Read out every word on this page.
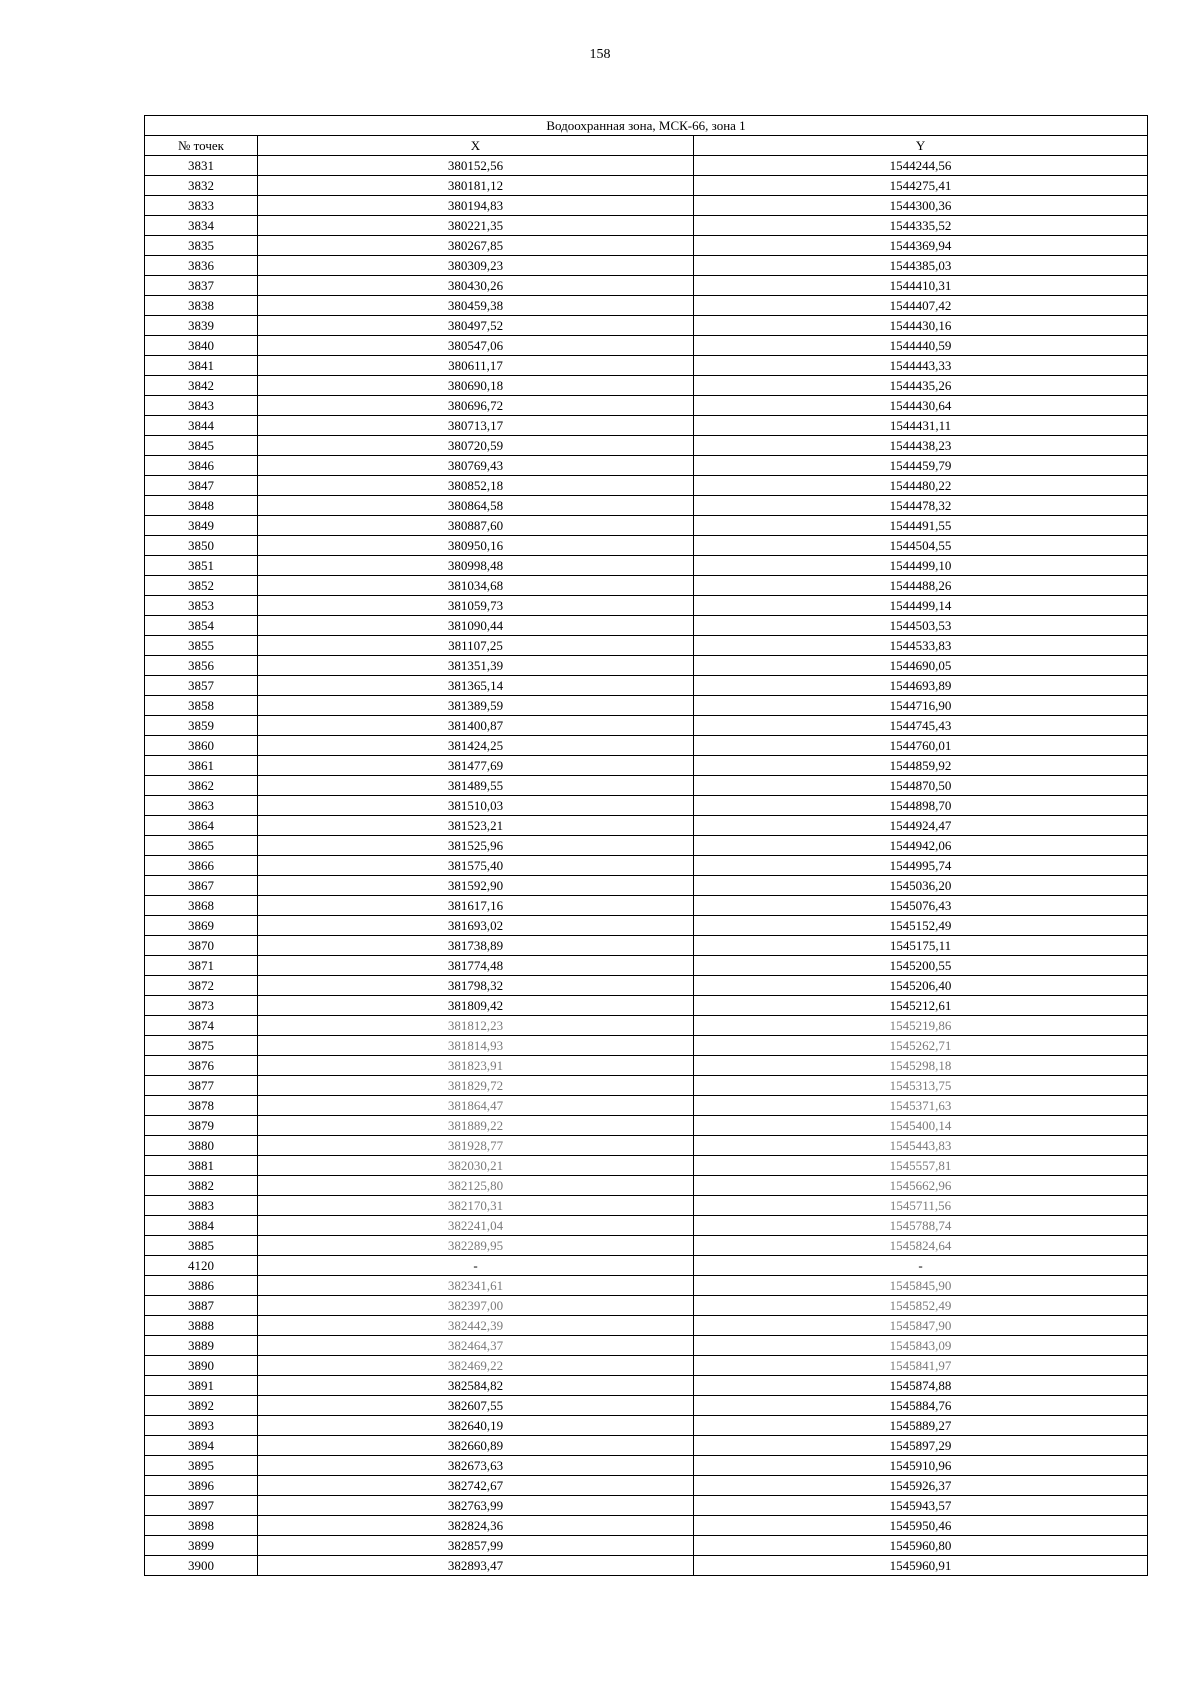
158
Водоохранная зона, МСК-66, зона 1		
№ точек	X	Y
3831	380152,56	1544244,56
3832	380181,12	1544275,41
3833	380194,83	1544300,36
3834	380221,35	1544335,52
3835	380267,85	1544369,94
3836	380309,23	1544385,03
3837	380430,26	1544410,31
3838	380459,38	1544407,42
3839	380497,52	1544430,16
3840	380547,06	1544440,59
3841	380611,17	1544443,33
3842	380690,18	1544435,26
3843	380696,72	1544430,64
3844	380713,17	1544431,11
3845	380720,59	1544438,23
3846	380769,43	1544459,79
3847	380852,18	1544480,22
3848	380864,58	1544478,32
3849	380887,60	1544491,55
3850	380950,16	1544504,55
3851	380998,48	1544499,10
3852	381034,68	1544488,26
3853	381059,73	1544499,14
3854	381090,44	1544503,53
3855	381107,25	1544533,83
3856	381351,39	1544690,05
3857	381365,14	1544693,89
3858	381389,59	1544716,90
3859	381400,87	1544745,43
3860	381424,25	1544760,01
3861	381477,69	1544859,92
3862	381489,55	1544870,50
3863	381510,03	1544898,70
3864	381523,21	1544924,47
3865	381525,96	1544942,06
3866	381575,40	1544995,74
3867	381592,90	1545036,20
3868	381617,16	1545076,43
3869	381693,02	1545152,49
3870	381738,89	1545175,11
3871	381774,48	1545200,55
3872	381798,32	1545206,40
3873	381809,42	1545212,61
3874	381812,23	1545219,86
3875	381814,93	1545262,71
3876	381823,91	1545298,18
3877	381829,72	1545313,75
3878	381864,47	1545371,63
3879	381889,22	1545400,14
3880	381928,77	1545443,83
3881	382030,21	1545557,81
3882	382125,80	1545662,96
3883	382170,31	1545711,56
3884	382241,04	1545788,74
3885	382289,95	1545824,64
4120	-	-
3886	382341,61	1545845,90
3887	382397,00	1545852,49
3888	382442,39	1545847,90
3889	382464,37	1545843,09
3890	382469,22	1545841,97
3891	382584,82	1545874,88
3892	382607,55	1545884,76
3893	382640,19	1545889,27
3894	382660,89	1545897,29
3895	382673,63	1545910,96
3896	382742,67	1545926,37
3897	382763,99	1545943,57
3898	382824,36	1545950,46
3899	382857,99	1545960,80
3900	382893,47	1545960,91
